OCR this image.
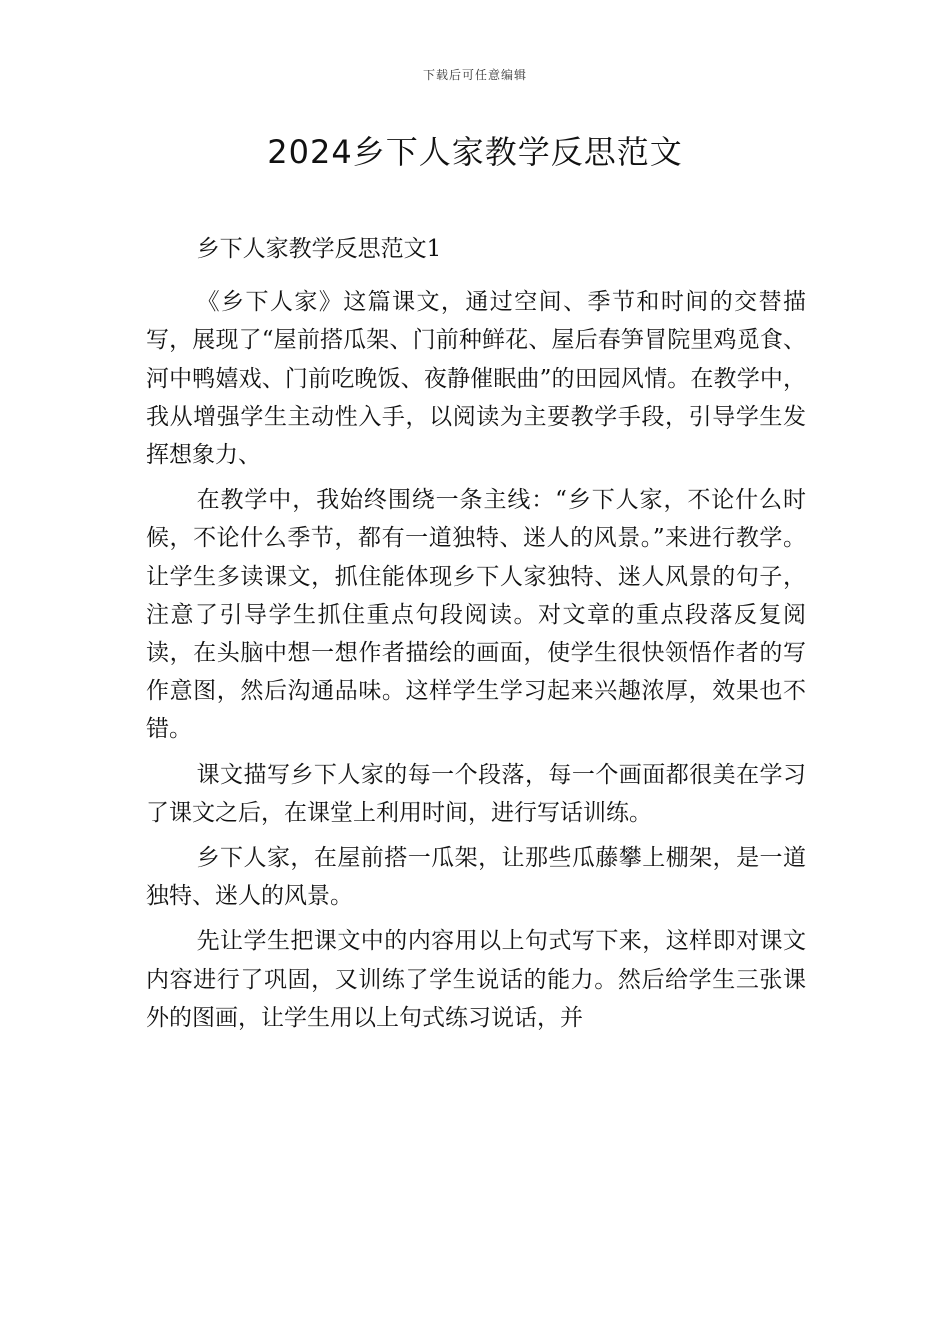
下载后可任意编辑
2024乡下人家教学反思范文

乡下人家教学反思范文1

《乡下人家》这篇课文，通过空间、季节和时间的交替描写，展现了“屋前搭瓜架、门前种鲜花、屋后春笋冒院里鸡觅食、河中鸭嬉戏、门前吃晚饭、夜静催眠曲”的田园风情。在教学中，我从增强学生主动性入手，以阅读为主要教学手段，引导学生发挥想象力、

在教学中，我始终围绕一条主线：“乡下人家，不论什么时候，不论什么季节，都有一道独特、迷人的风景。”来进行教学。让学生多读课文，抓住能体现乡下人家独特、迷人风景的句子，注意了引导学生抓住重点句段阅读。对文章的重点段落反复阅读，在头脑中想一想作者描绘的画面，使学生很快领悟作者的写作意图，然后沟通品味。这样学生学习起来兴趣浓厚，效果也不错。

课文描写乡下人家的每一个段落，每一个画面都很美在学习了课文之后，在课堂上利用时间，进行写话训练。

乡下人家，在屋前搭一瓜架，让那些瓜藤攀上棚架，是一道独特、迷人的风景。

先让学生把课文中的内容用以上句式写下来，这样即对课文内容进行了巩固，又训练了学生说话的能力。然后给学生三张课外的图画，让学生用以上句式练习说话，并
